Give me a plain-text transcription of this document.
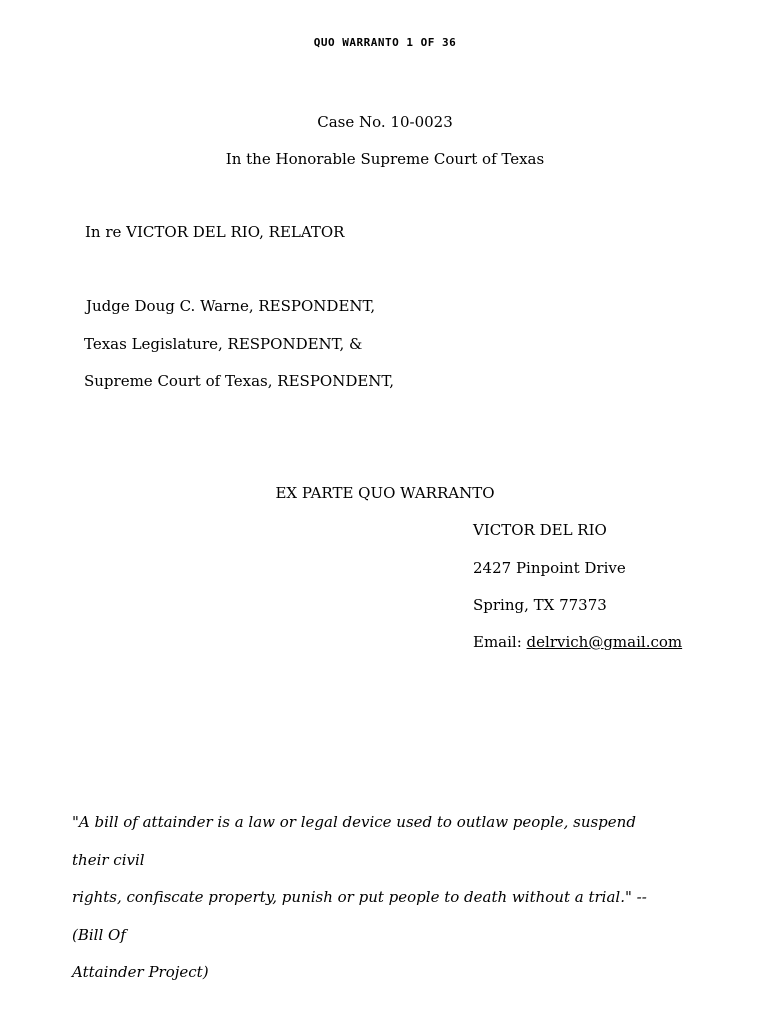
QUO WARRANTO 1 OF 36
Case No. 10-0023
In the Honorable Supreme Court of Texas
In re VICTOR DEL RIO, RELATOR
Judge Doug C. Warne, RESPONDENT,
Texas Legislature, RESPONDENT, &
Supreme Court of Texas, RESPONDENT,
EX PARTE QUO WARRANTO
VICTOR DEL RIO
2427 Pinpoint Drive
Spring, TX 77373
Email: delrvich@gmail.com
"A bill of attainder is a law or legal device used to outlaw people, suspend their civil
rights, confiscate property, punish or put people to death without a trial." -- (Bill Of
Attainder Project)
